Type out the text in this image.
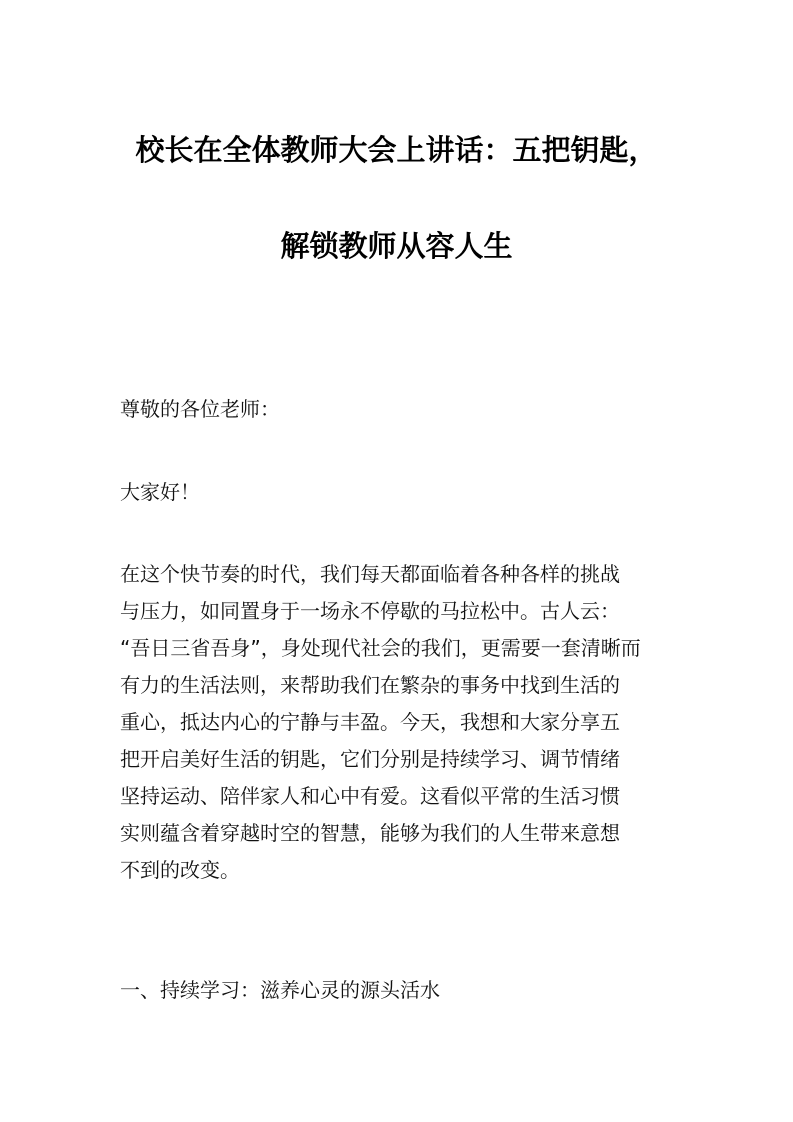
校长在全体教师大会上讲话：五把钥匙，
解锁教师从容人生
尊敬的各位老师：
大家好！
在这个快节奏的时代，我们每天都面临着各种各样的挑战
与压力，如同置身于一场永不停歇的马拉松中。古人云：
“吾日三省吾身”，身处现代社会的我们，更需要一套清晰而
有力的生活法则，来帮助我们在繁杂的事务中找到生活的
重心，抵达内心的宁静与丰盈。今天，我想和大家分享五
把开启美好生活的钥匙，它们分别是持续学习、调节情绪
坚持运动、陪伴家人和心中有爱。这看似平常的生活习惯
实则蕴含着穿越时空的智慧，能够为我们的人生带来意想
不到的改变。
一、持续学习：滋养心灵的源头活水
